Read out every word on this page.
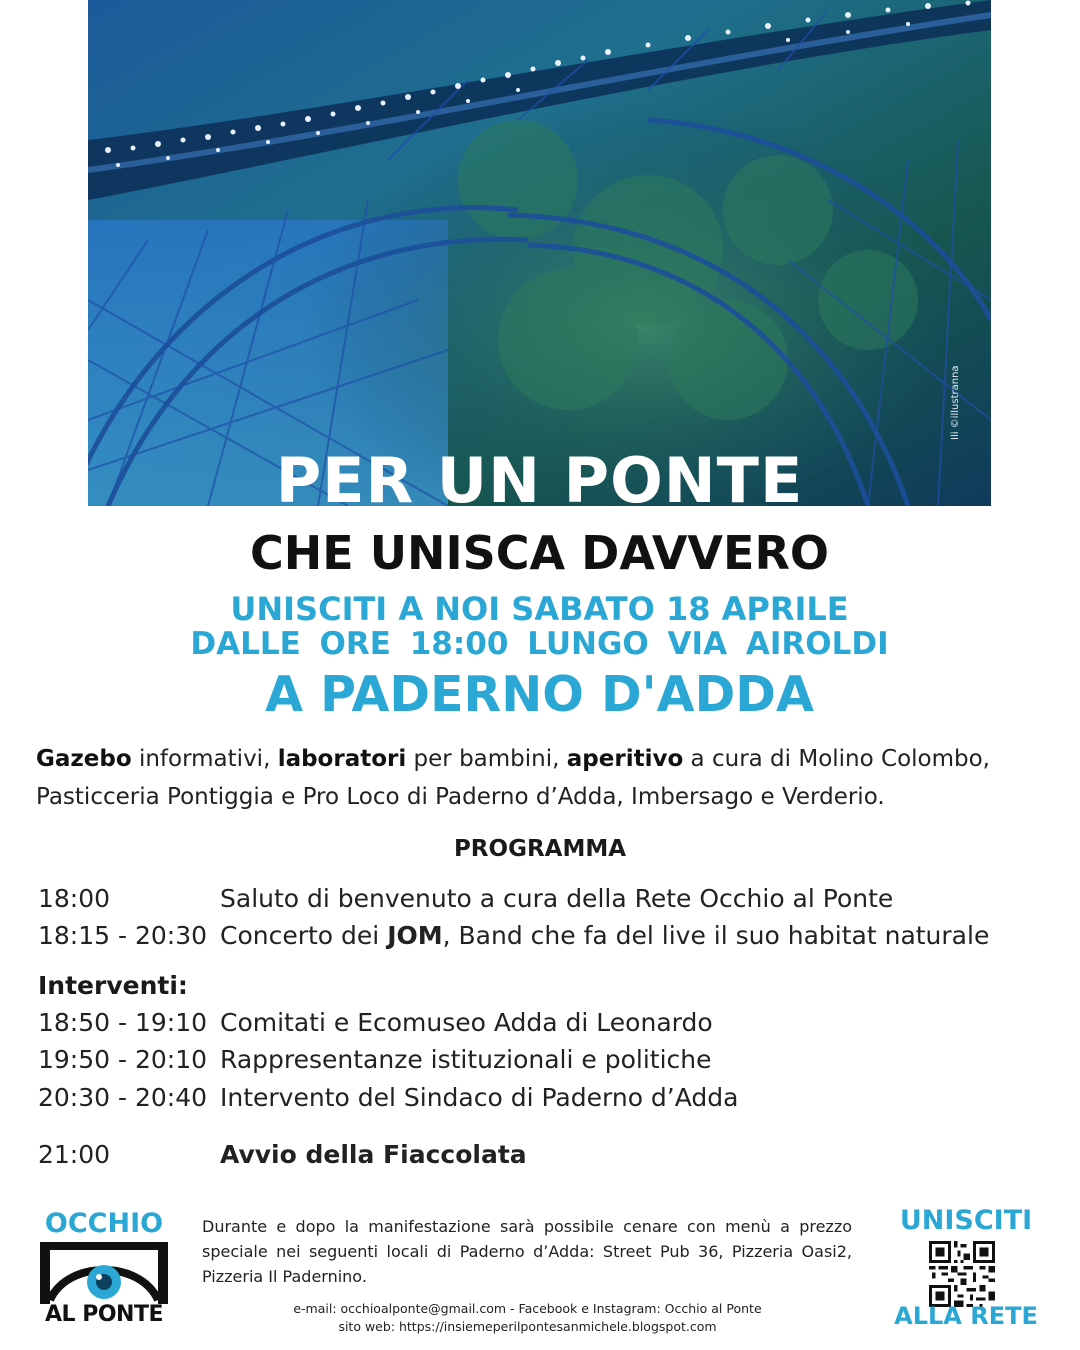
Ili ©illustranna
PER UN PONTE
CHE UNISCA DAVVERO
UNISCITI A NOI SABATO 18 APRILE
DALLE ORE 18:00 LUNGO VIA AIROLDI
A PADERNO D'ADDA
Gazebo informativi, laboratori per bambini, aperitivo a cura di Molino Colombo, Pasticceria Pontiggia e Pro Loco di Paderno d’Adda, Imbersago e Verderio.
PROGRAMMA
18:00	Saluto di benvenuto a cura della Rete Occhio al Ponte
18:15 - 20:30 Concerto dei JOM, Band che fa del live il suo habitat naturale
Interventi:
18:50 - 19:10 Comitati e Ecomuseo Adda di Leonardo
19:50 - 20:10 Rappresentanze istituzionali e politiche
20:30 - 20:40 Intervento del Sindaco di Paderno d’Adda
21:00	Avvio della Fiaccolata
OCCHIO
AL PONTE
Durante e dopo la manifestazione sarà possibile cenare con menù a prezzo speciale nei seguenti locali di Paderno d’Adda: Street Pub 36, Pizzeria Oasi2, Pizzeria Il Padernino.
e-mail: occhioalponte@gmail.com - Facebook e Instagram: Occhio al Ponte
sito web: https://insiemeperilpontesanmichele.blogspot.com
UNISCITI
ALLA RETE
